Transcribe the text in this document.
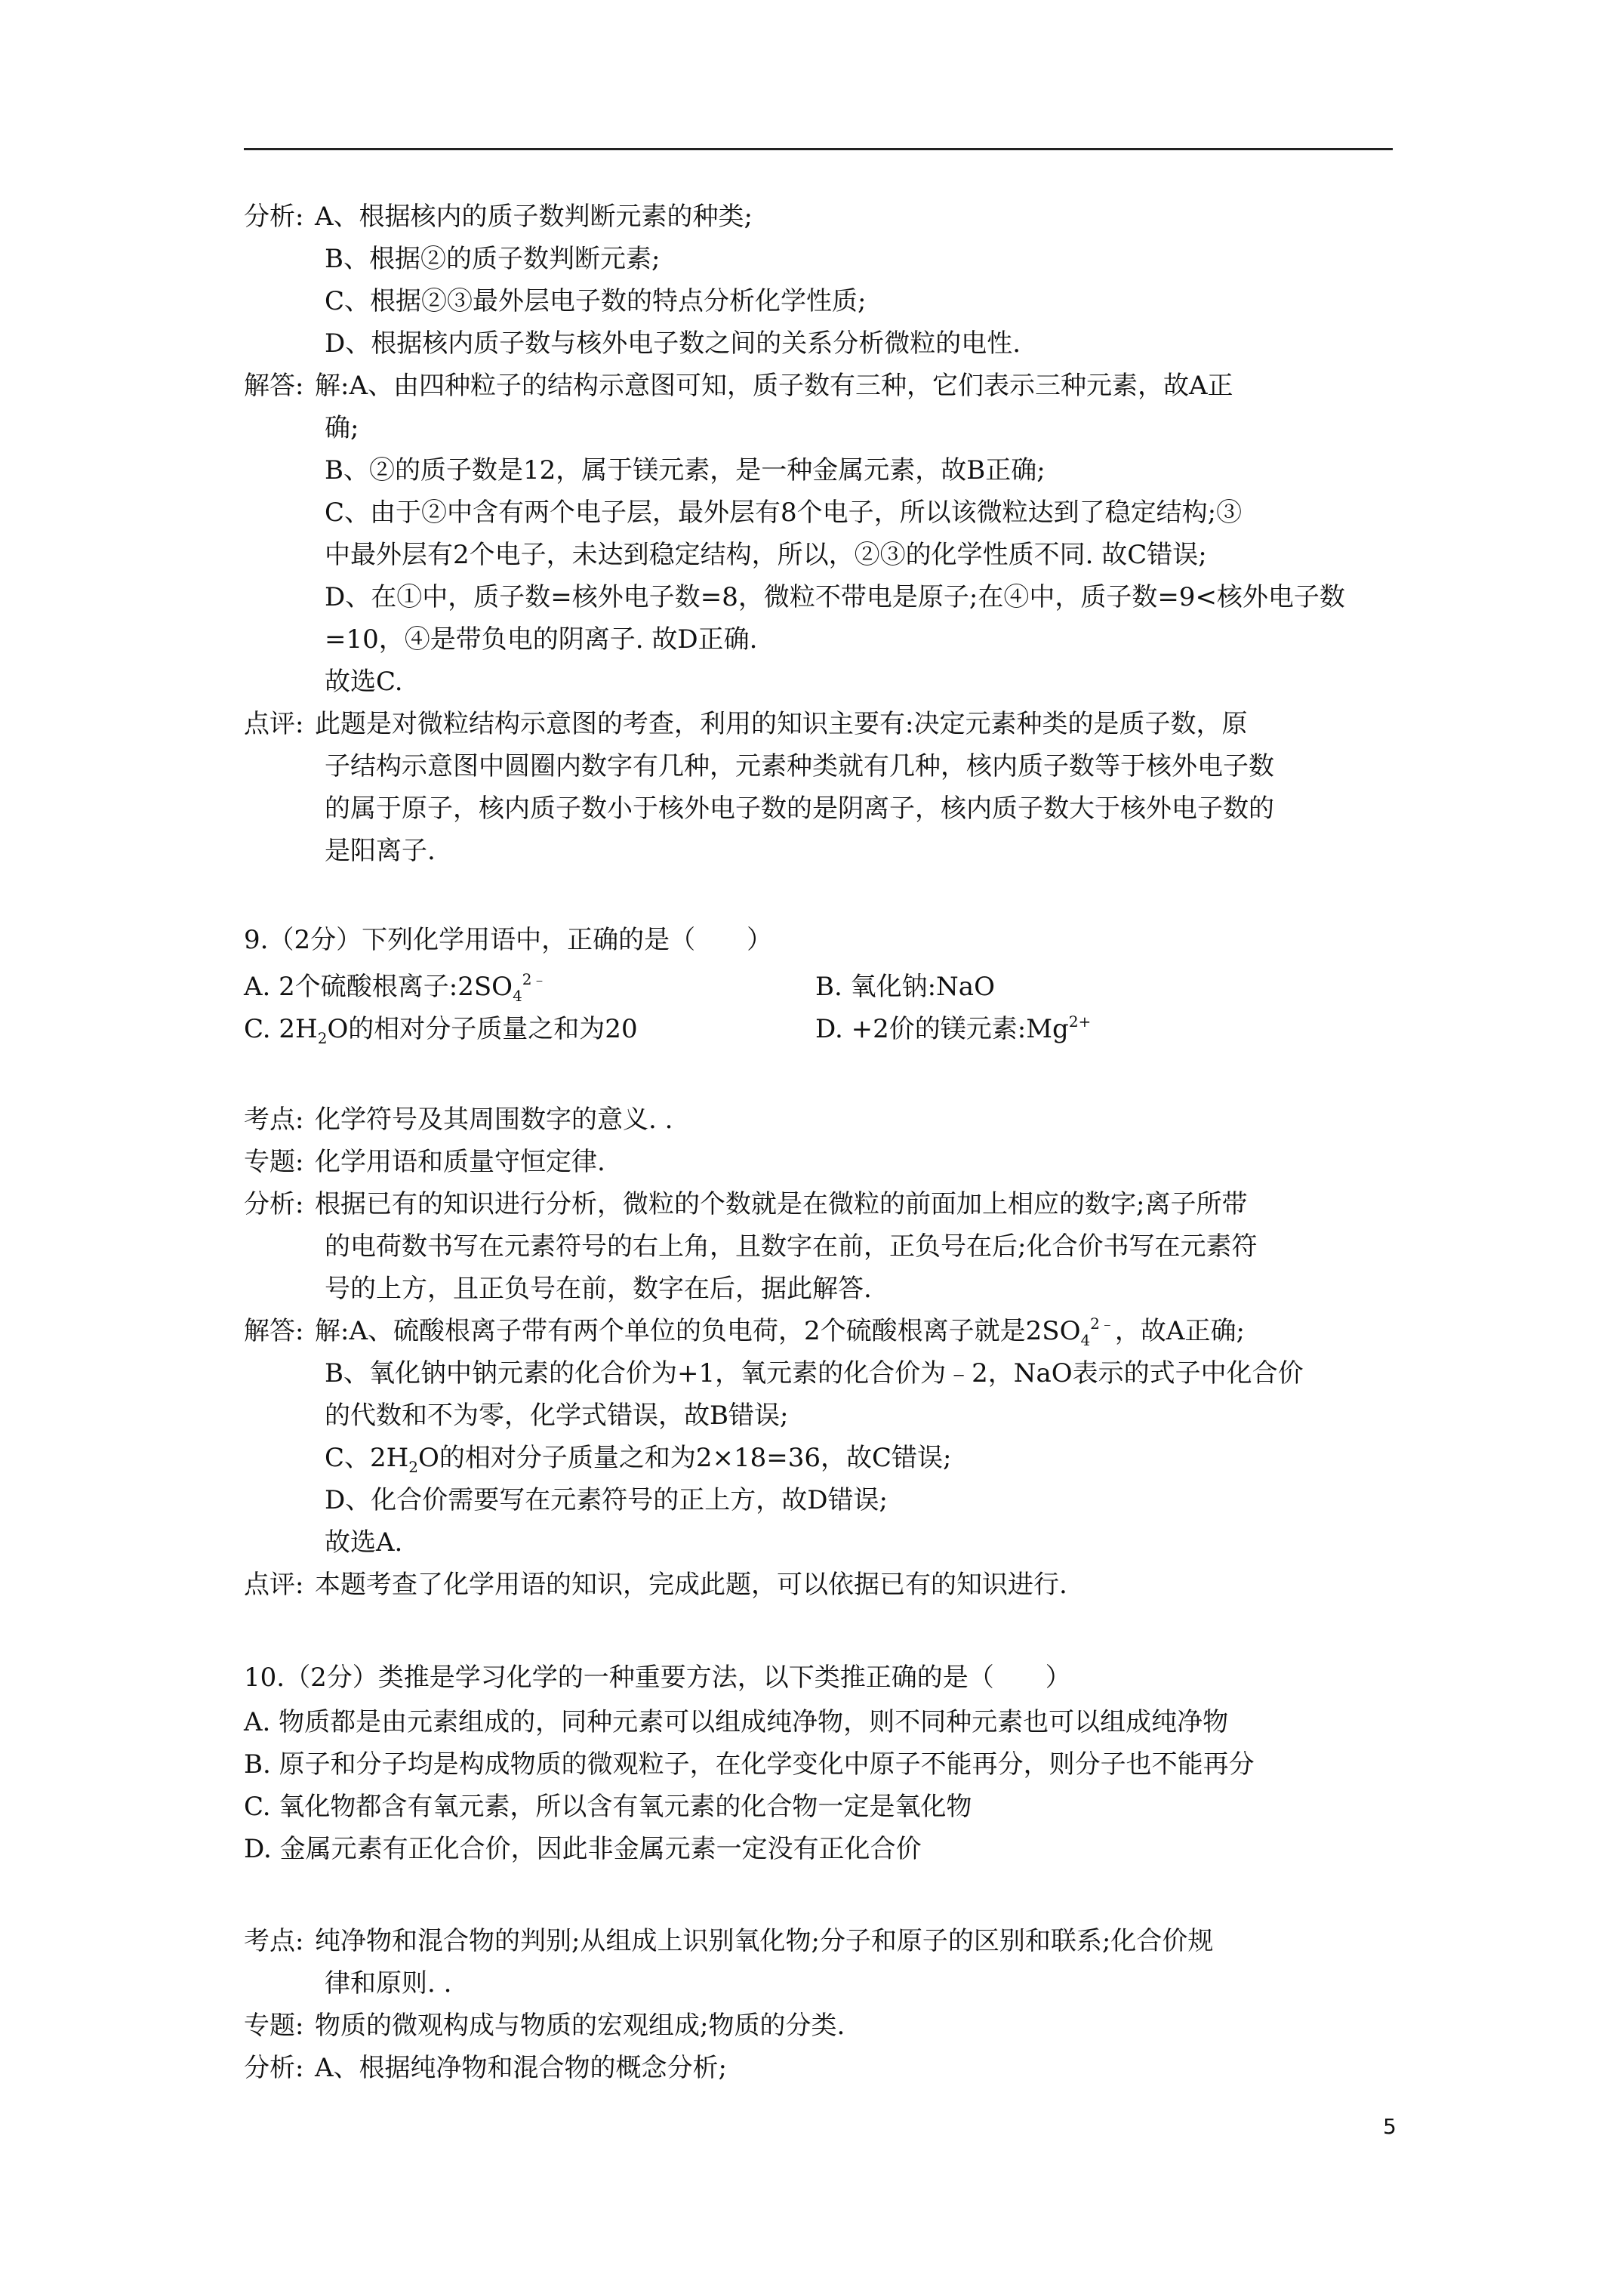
分析: A、根据核内的质子数判断元素的种类;
B、根据②的质子数判断元素;
C、根据②③最外层电子数的特点分析化学性质;
D、根据核内质子数与核外电子数之间的关系分析微粒的电性.
解答: 解:A、由四种粒子的结构示意图可知，质子数有三种，它们表示三种元素，故A正
确;
B、②的质子数是12，属于镁元素，是一种金属元素，故B正确;
C、由于②中含有两个电子层，最外层有8个电子，所以该微粒达到了稳定结构;③
中最外层有2个电子，未达到稳定结构，所以，②③的化学性质不同. 故C错误;
D、在①中，质子数=核外电子数=8，微粒不带电是原子;在④中，质子数=9<核外电子数
=10，④是带负电的阴离子. 故D正确.
故选C.
点评: 此题是对微粒结构示意图的考查，利用的知识主要有:决定元素种类的是质子数，原
子结构示意图中圆圈内数字有几种，元素种类就有几种，核内质子数等于核外电子数
的属于原子，核内质子数小于核外电子数的是阴离子，核内质子数大于核外电子数的
是阳离子.
9.（2分）下列化学用语中，正确的是（　　）
A. 2个硫酸根离子$:2SO_4^{2﹣}$	B. 氧化钠:NaO
C. $2H_2O$的相对分子质量之和为20	D. +2价的镁元素$:Mg^{2+}$
考点: 化学符号及其周围数字的意义. .
专题: 化学用语和质量守恒定律.
分析: 根据已有的知识进行分析，微粒的个数就是在微粒的前面加上相应的数字;离子所带
的电荷数书写在元素符号的右上角，且数字在前，正负号在后;化合价书写在元素符
号的上方，且正负号在前，数字在后，据此解答.
解答: 解:A、硫酸根离子带有两个单位的负电荷，2个硫酸根离子就是$2SO_4^{2﹣}$，故A正确;
B、氧化钠中钠元素的化合价为+1，氧元素的化合价为﹣2，NaO表示的式子中化合价
的代数和不为零，化学式错误，故B错误;
C、$2H_2O$的相对分子质量之和为2×18=36，故C错误;
D、化合价需要写在元素符号的正上方，故D错误;
故选A.
点评: 本题考查了化学用语的知识，完成此题，可以依据已有的知识进行.
10.（2分）类推是学习化学的一种重要方法，以下类推正确的是（　　）
A. 物质都是由元素组成的，同种元素可以组成纯净物，则不同种元素也可以组成纯净物
B. 原子和分子均是构成物质的微观粒子，在化学变化中原子不能再分，则分子也不能再分
C. 氧化物都含有氧元素，所以含有氧元素的化合物一定是氧化物
D. 金属元素有正化合价，因此非金属元素一定没有正化合价
考点: 纯净物和混合物的判别;从组成上识别氧化物;分子和原子的区别和联系;化合价规
律和原则. .
专题: 物质的微观构成与物质的宏观组成;物质的分类.
分析: A、根据纯净物和混合物的概念分析;
5
